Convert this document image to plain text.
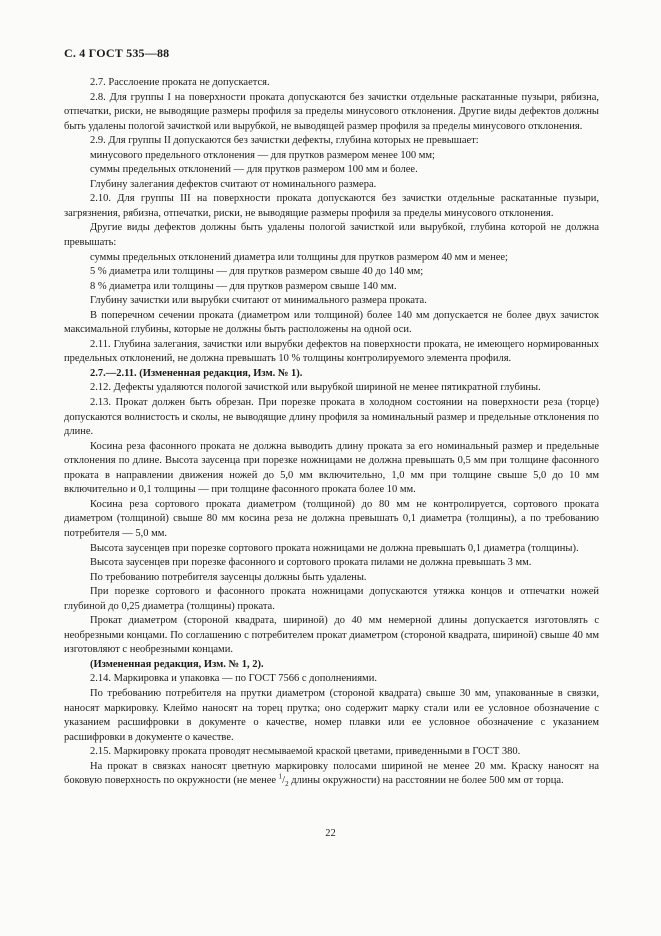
С. 4 ГОСТ 535—88

2.7. Расслоение проката не допускается.

2.8. Для группы I на поверхности проката допускаются без зачистки отдельные раскатанные пузыри, рябизна, отпечатки, риски, не выводящие размеры профиля за пределы минусового отклонения. Другие виды дефектов должны быть удалены пологой зачисткой или вырубкой, не выводящей размер профиля за пределы минусового отклонения.

2.9. Для группы II допускаются без зачистки дефекты, глубина которых не превышает:

минусового предельного отклонения — для прутков размером менее 100 мм;

суммы предельных отклонений — для прутков размером 100 мм и более.

Глубину залегания дефектов считают от номинального размера.

2.10. Для группы III на поверхности проката допускаются без зачистки отдельные раскатанные пузыри, загрязнения, рябизна, отпечатки, риски, не выводящие размеры профиля за пределы минусового отклонения.

Другие виды дефектов должны быть удалены пологой зачисткой или вырубкой, глубина которой не должна превышать:

суммы предельных отклонений диаметра или толщины для прутков размером 40 мм и менее;

5 % диаметра или толщины — для прутков размером свыше 40 до 140 мм;

8 % диаметра или толщины — для прутков размером свыше 140 мм.

Глубину зачистки или вырубки считают от минимального размера проката.

В поперечном сечении проката (диаметром или толщиной) более 140 мм допускается не более двух зачисток максимальной глубины, которые не должны быть расположены на одной оси.

2.11. Глубина залегания, зачистки или вырубки дефектов на поверхности проката, не имеющего нормированных предельных отклонений, не должна превышать 10 % толщины контролируемого элемента профиля.

2.7.—2.11. (Измененная редакция, Изм. № 1).

2.12. Дефекты удаляются пологой зачисткой или вырубкой шириной не менее пятикратной глубины.

2.13. Прокат должен быть обрезан. При порезке проката в холодном состоянии на поверхности реза (торце) допускаются волнистость и сколы, не выводящие длину профиля за номинальный размер и предельные отклонения по длине.

Косина реза фасонного проката не должна выводить длину проката за его номинальный размер и предельные отклонения по длине. Высота заусенца при порезке ножницами не должна превышать 0,5 мм при толщине фасонного проката в направлении движения ножей до 5,0 мм включительно, 1,0 мм при толщине свыше 5,0 до 10 мм включительно и 0,1 толщины — при толщине фасонного проката более 10 мм.

Косина реза сортового проката диаметром (толщиной) до 80 мм не контролируется, сортового проката диаметром (толщиной) свыше 80 мм косина реза не должна превышать 0,1 диаметра (толщины), а по требованию потребителя — 5,0 мм.

Высота заусенцев при порезке сортового проката ножницами не должна превышать 0,1 диаметра (толщины).

Высота заусенцев при порезке фасонного и сортового проката пилами не должна превышать 3 мм.

По требованию потребителя заусенцы должны быть удалены.

При порезке сортового и фасонного проката ножницами допускаются утяжка концов и отпечатки ножей глубиной до 0,25 диаметра (толщины) проката.

Прокат диаметром (стороной квадрата, шириной) до 40 мм немерной длины допускается изготовлять с необрезными концами. По соглашению с потребителем прокат диаметром (стороной квадрата, шириной) свыше 40 мм изготовляют с необрезными концами.

(Измененная редакция, Изм. № 1, 2).

2.14. Маркировка и упаковка — по ГОСТ 7566 с дополнениями.

По требованию потребителя на прутки диаметром (стороной квадрата) свыше 30 мм, упакованные в связки, наносят маркировку. Клеймо наносят на торец прутка; оно содержит марку стали или ее условное обозначение с указанием расшифровки в документе о качестве, номер плавки или ее условное обозначение с указанием расшифровки в документе о качестве.

2.15. Маркировку проката проводят несмываемой краской цветами, приведенными в ГОСТ 380.

На прокат в связках наносят цветную маркировку полосами шириной не менее 20 мм. Краску наносят на боковую поверхность по окружности (не менее $^1/_2$ длины окружности) на расстоянии не более 500 мм от торца.

22
